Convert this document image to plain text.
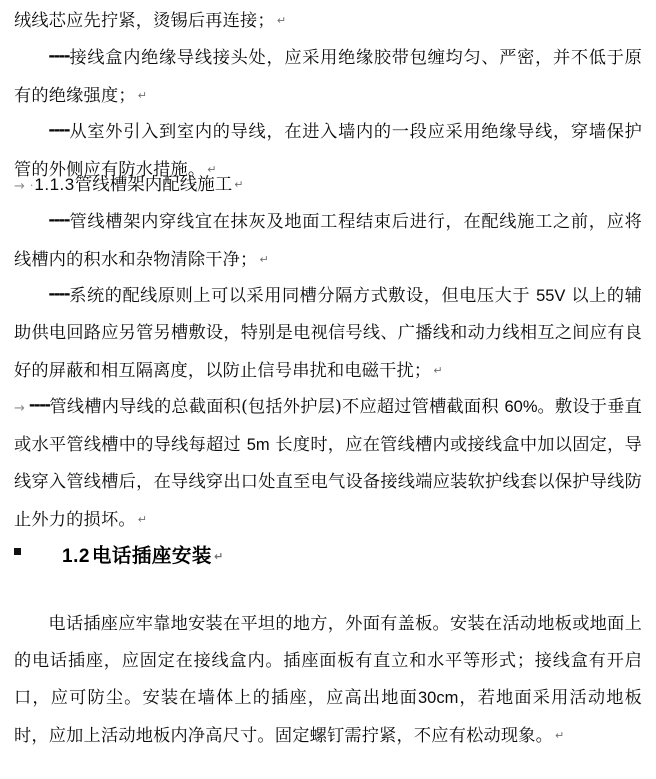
绒线芯应先拧紧，烫锡后再连接； ↵
----接线盒内绝缘导线接头处，应采用绝缘胶带包缠均匀、严密，并不低于原有的绝缘强度； ↵
----从室外引入到室内的导线，在进入墙内的一段应采用绝缘导线，穿墙保护管的外侧应有防水措施。 ↵
→ ·1.1.3管线槽架内配线施工 ↵
----管线槽架内穿线宜在抹灰及地面工程结束后进行，在配线施工之前，应将线槽内的积水和杂物清除干净； ↵
----系统的配线原则上可以采用同槽分隔方式敷设，但电压大于 55V 以上的辅助供电回路应另管另槽敷设，特别是电视信号线、广播线和动力线相互之间应有良好的屏蔽和相互隔离度，以防止信号串扰和电磁干扰； ↵
→ ----管线槽内导线的总截面积(包括外护层)不应超过管槽截面积 60%。敷设于垂直或水平管线槽中的导线每超过 5m 长度时，应在管线槽内或接线盒中加以固定，导线穿入管线槽后，在导线穿出口处直至电气设备接线端应装软护线套以保护导线防止外力的损坏。 ↵
1.2 电话插座安装 ↵
电话插座应牢靠地安装在平坦的地方，外面有盖板。安装在活动地板或地面上的电话插座，应固定在接线盒内。插座面板有直立和水平等形式；接线盒有开启口，应可防尘。安装在墙体上的插座，应高出地面30cm，若地面采用活动地板时，应加上活动地板内净高尺寸。固定螺钉需拧紧，不应有松动现象。 ↵
